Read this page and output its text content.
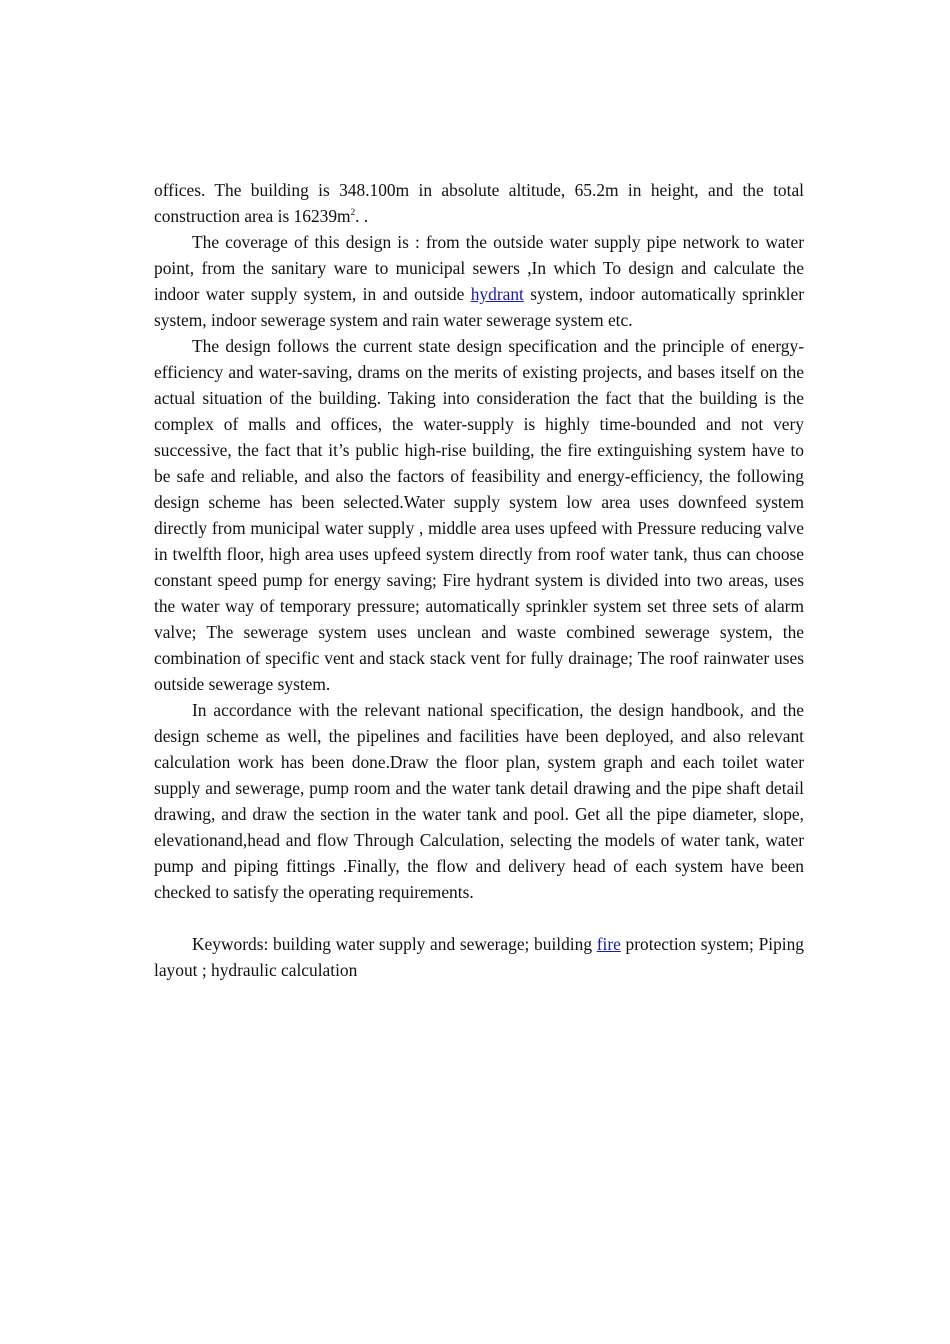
offices. The building is 348.100m in absolute altitude, 65.2m in height, and the total construction area is $16239m^2$. .

The coverage of this design is : from the outside water supply pipe network to water point, from the sanitary ware to municipal sewers ,In which To design and calculate the indoor water supply system, in and outside hydrant system, indoor automatically sprinkler system, indoor sewerage system and rain water sewerage system etc.

The design follows the current state design specification and the principle of energy-efficiency and water-saving, drams on the merits of existing projects, and bases itself on the actual situation of the building. Taking into consideration the fact that the building is the complex of malls and offices, the water-supply is highly time-bounded and not very successive, the fact that it’s public high-rise building, the fire extinguishing system have to be safe and reliable, and also the factors of feasibility and energy-efficiency, the following design scheme has been selected.Water supply system low area uses downfeed system directly from municipal water supply , middle area uses upfeed with Pressure reducing valve in twelfth floor, high area uses upfeed system directly from roof water tank, thus can choose constant speed pump for energy saving; Fire hydrant system is divided into two areas, uses the water way of temporary pressure; automatically sprinkler system set three sets of alarm valve; The sewerage system uses unclean and waste combined sewerage system, the combination of specific vent and stack stack vent for fully drainage; The roof rainwater uses outside sewerage system.

In accordance with the relevant national specification, the design handbook, and the design scheme as well, the pipelines and facilities have been deployed, and also relevant calculation work has been done.Draw the floor plan, system graph and each toilet water supply and sewerage, pump room and the water tank detail drawing and the pipe shaft detail drawing, and draw the section in the water tank and pool. Get all the pipe diameter, slope, elevationand,head and flow Through Calculation, selecting the models of water tank, water pump and piping fittings .Finally, the flow and delivery head of each system have been checked to satisfy the operating requirements.

Keywords: building water supply and sewerage; building fire protection system; Piping layout ; hydraulic calculation
